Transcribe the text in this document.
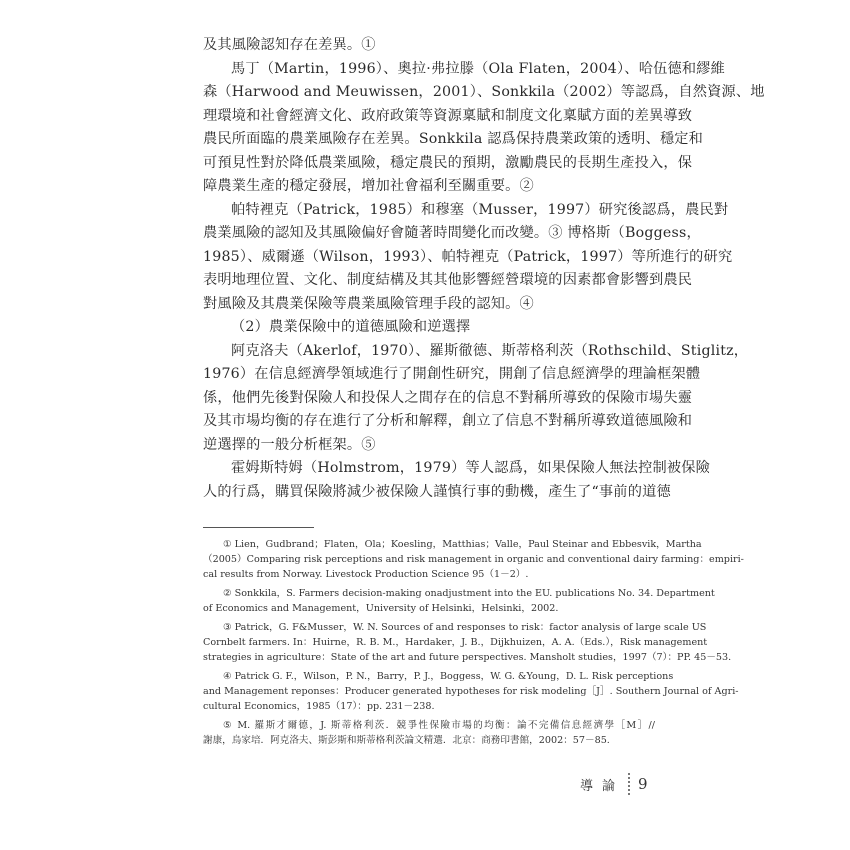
及其風險認知存在差異。①
馬丁（Martin，1996）、奧拉·弗拉滕（Ola Flaten，2004）、哈伍德和繆維
森（Harwood and Meuwissen，2001）、Sonkkila（2002）等認爲，自然資源、地
理環境和社會經濟文化、政府政策等資源稟賦和制度文化稟賦方面的差異導致
農民所面臨的農業風險存在差異。Sonkkila 認爲保持農業政策的透明、穩定和
可預見性對於降低農業風險，穩定農民的預期，激勵農民的長期生產投入，保
障農業生產的穩定發展，增加社會福利至關重要。②
帕特裡克（Patrick，1985）和穆塞（Musser，1997）研究後認爲，農民對
農業風險的認知及其風險偏好會隨著時間變化而改變。③ 博格斯（Boggess，
1985）、威爾遜（Wilson，1993）、帕特裡克（Patrick，1997）等所進行的研究
表明地理位置、文化、制度結構及其其他影響經營環境的因素都會影響到農民
對風險及其農業保險等農業風險管理手段的認知。④
（2）農業保險中的道德風險和逆選擇
阿克洛夫（Akerlof，1970）、羅斯徹德、斯蒂格利茨（Rothschild、Stiglitz，
1976）在信息經濟學領域進行了開創性研究，開創了信息經濟學的理論框架體
係，他們先後對保險人和投保人之間存在的信息不對稱所導致的保險市場失靈
及其市場均衡的存在進行了分析和解釋，創立了信息不對稱所導致道德風險和
逆選擇的一般分析框架。⑤
霍姆斯特姆（Holmstrom，1979）等人認爲，如果保險人無法控制被保險
人的行爲，購買保險將減少被保險人謹慎行事的動機，產生了“事前的道德
① Lien，Gudbrand；Flaten，Ola；Koesling，Matthias；Valle，Paul Steinar and Ebbesvik，Martha
（2005）Comparing risk perceptions and risk management in organic and conventional dairy farming：empiri-
cal results from Norway. Livestock Production Science 95（1－2）.
② Sonkkila，S. Farmers decision-making onadjustment into the EU. publications No. 34. Department
of Economics and Management，University of Helsinki，Helsinki，2002.
③ Patrick，G. F&Musser，W. N. Sources of and responses to risk：factor analysis of large scale US
Cornbelt farmers. In：Huirne，R. B. M.，Hardaker，J. B.，Dijkhuizen，A. A.（Eds.），Risk management
strategies in agriculture：State of the art and future perspectives. Mansholt studies，1997（7）：PP. 45－53.
④ Patrick G. F.，Wilson，P. N.，Barry，P. J.，Boggess，W. G. &Young，D. L. Risk perceptions
and Management reponses：Producer generated hypotheses for risk modeling［J］. Southern Journal of Agri-
cultural Economics，1985（17）：pp. 231－238.
⑤ M. 羅斯才爾德，J. 斯蒂格利茨．競爭性保險市場的均衡：論不完備信息經濟學［M］//
謝康，烏家培．阿克洛夫、斯彭斯和斯蒂格利茨論文精選．北京：商務印書館，2002：57－85.
導論 9
